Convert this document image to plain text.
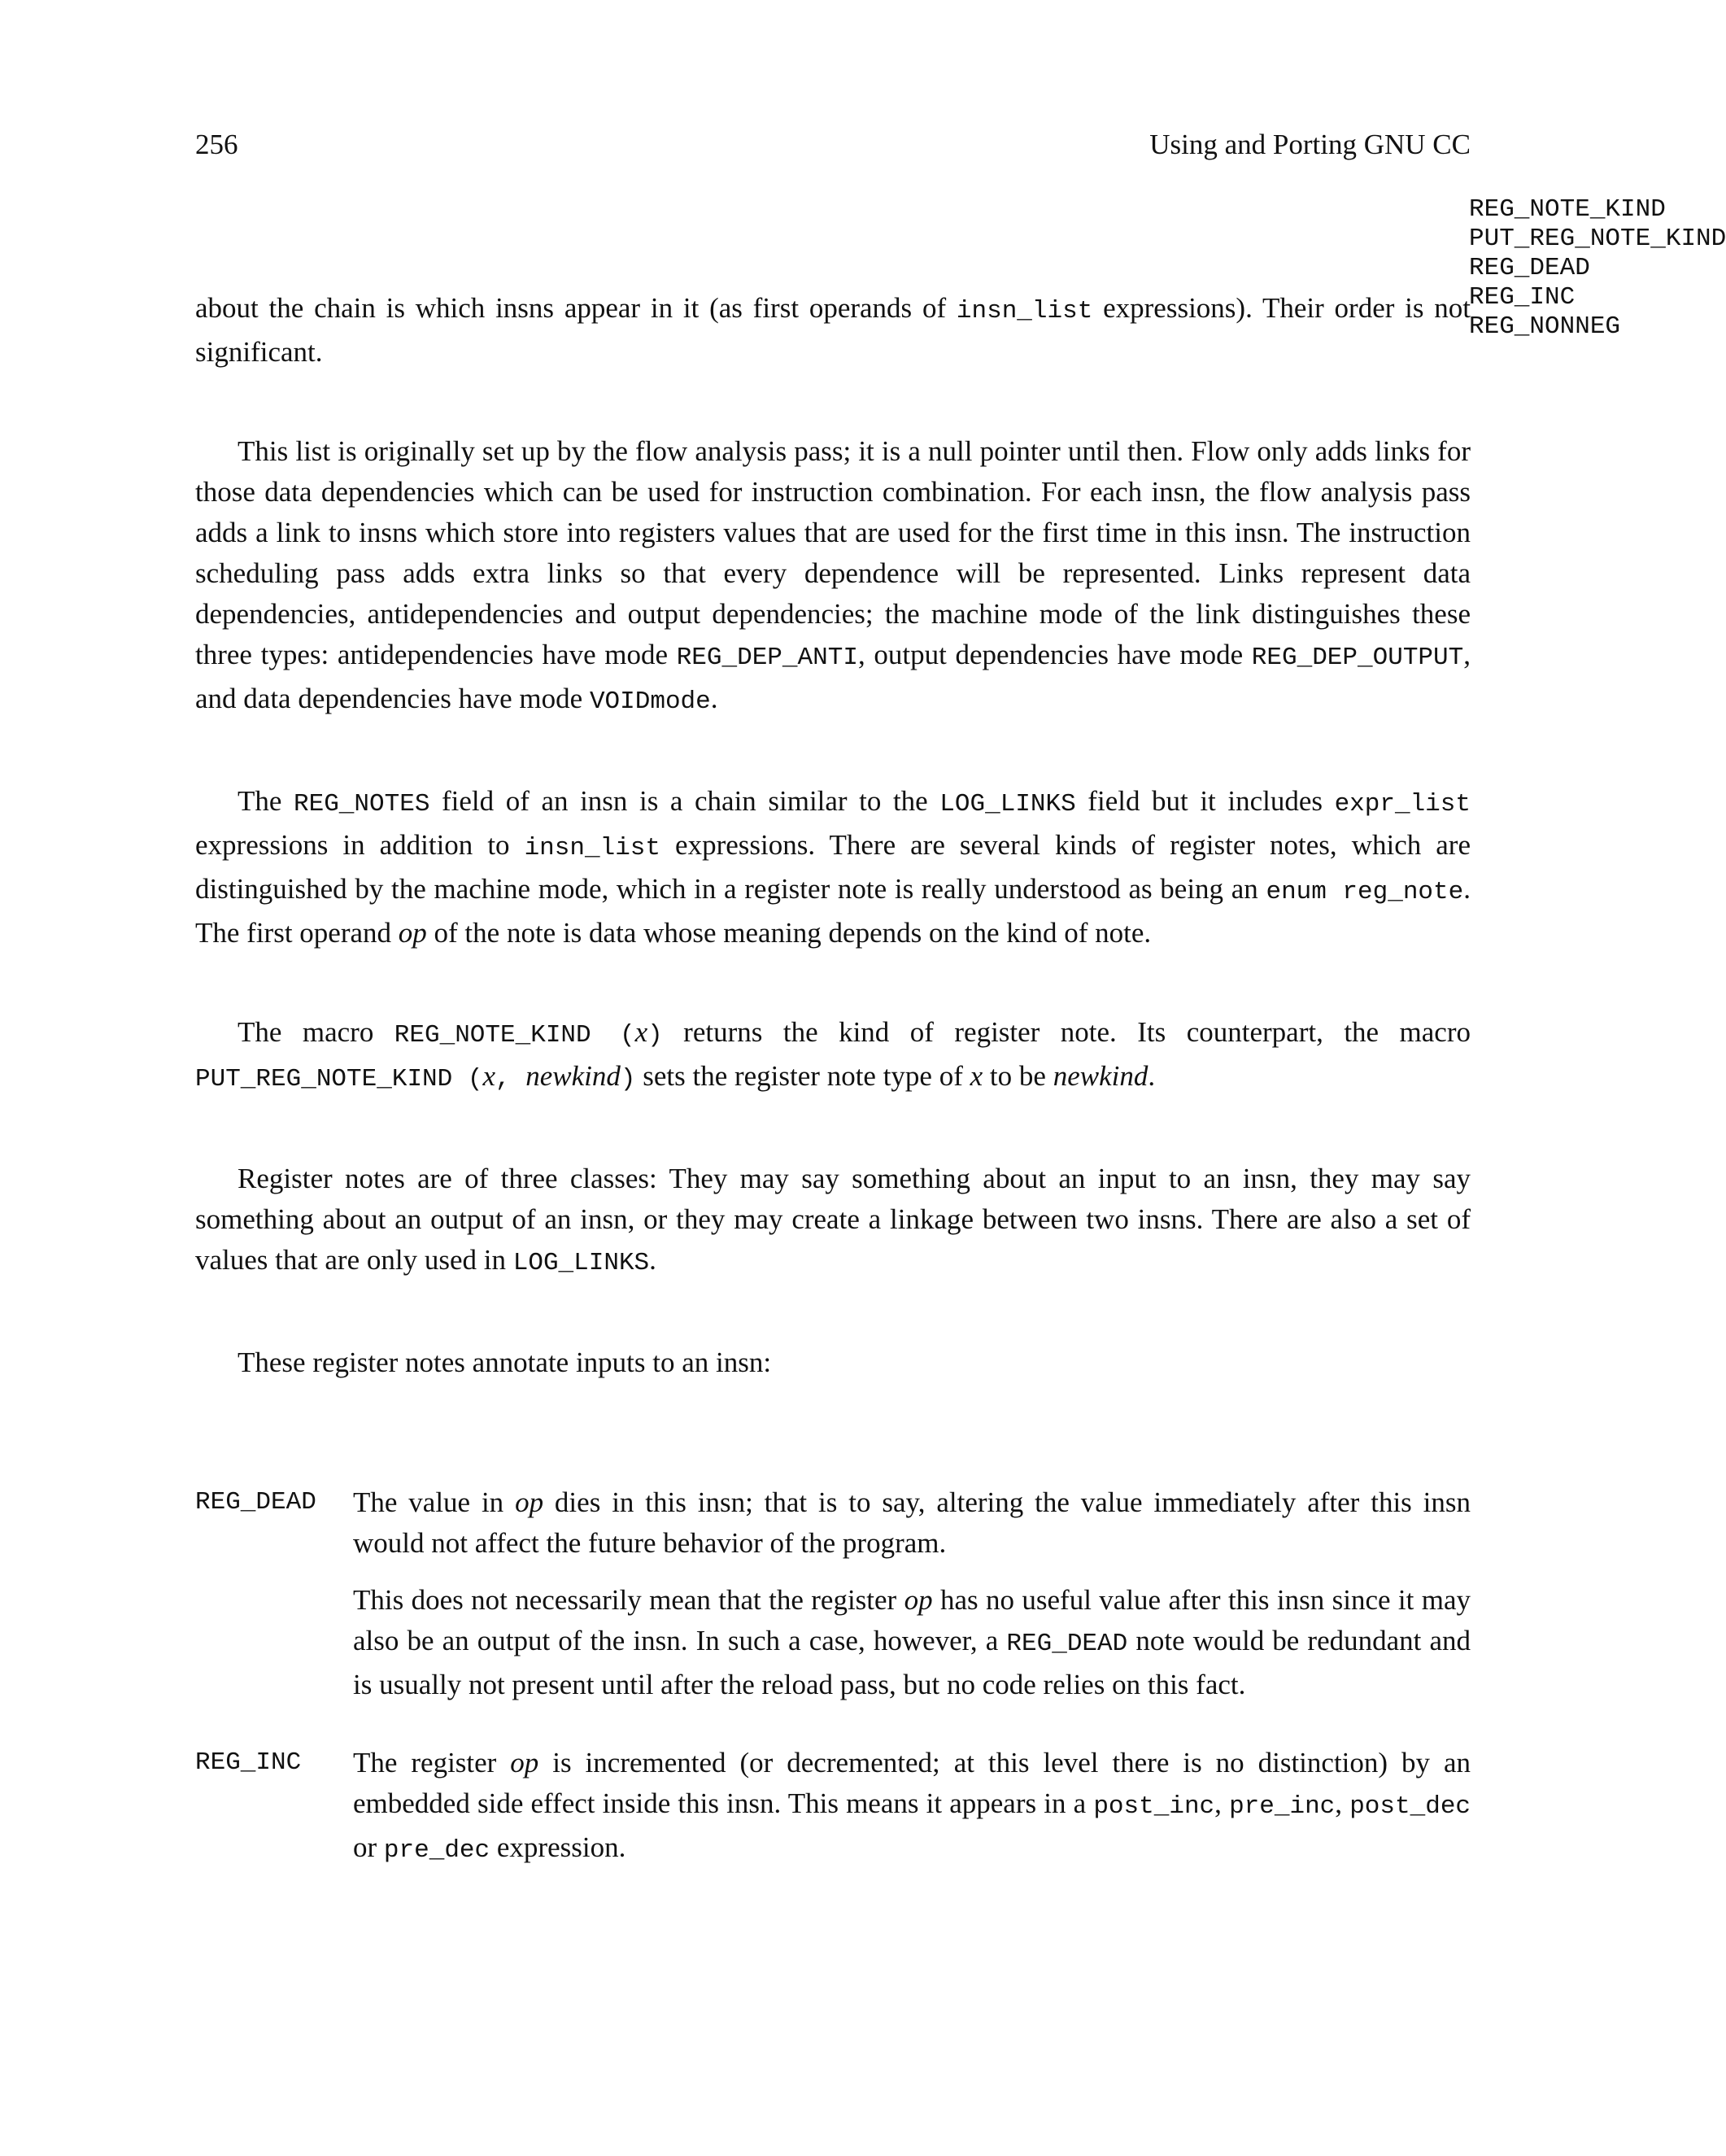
256	Using and Porting GNU CC
REG_NOTE_KIND
PUT_REG_NOTE_KIND
REG_DEAD
REG_INC
REG_NONNEG

about the chain is which insns appear in it (as first operands of insn_list expressions). Their order is not significant.

This list is originally set up by the flow analysis pass; it is a null pointer until then. Flow only adds links for those data dependencies which can be used for instruction combination. For each insn, the flow analysis pass adds a link to insns which store into registers values that are used for the first time in this insn. The instruction scheduling pass adds extra links so that every dependence will be represented. Links represent data dependencies, antidependencies and output dependencies; the machine mode of the link distinguishes these three types: antidependencies have mode REG_DEP_ANTI, output dependencies have mode REG_DEP_OUTPUT, and data dependencies have mode VOIDmode.

The REG_NOTES field of an insn is a chain similar to the LOG_LINKS field but it includes expr_list expressions in addition to insn_list expressions. There are several kinds of register notes, which are distinguished by the machine mode, which in a register note is really understood as being an enum reg_note. The first operand op of the note is data whose meaning depends on the kind of note.

The macro REG_NOTE_KIND (x) returns the kind of register note. Its counterpart, the macro PUT_REG_NOTE_KIND (x, newkind) sets the register note type of x to be newkind.

Register notes are of three classes: They may say something about an input to an insn, they may say something about an output of an insn, or they may create a linkage between two insns. There are also a set of values that are only used in LOG_LINKS.

These register notes annotate inputs to an insn:

REG_DEAD	The value in op dies in this insn; that is to say, altering the value immediately after this insn would not affect the future behavior of the program.

This does not necessarily mean that the register op has no useful value after this insn since it may also be an output of the insn. In such a case, however, a REG_DEAD note would be redundant and is usually not present until after the reload pass, but no code relies on this fact.

REG_INC	The register op is incremented (or decremented; at this level there is no distinction) by an embedded side effect inside this insn. This means it appears in a post_inc, pre_inc, post_dec or pre_dec expression.
